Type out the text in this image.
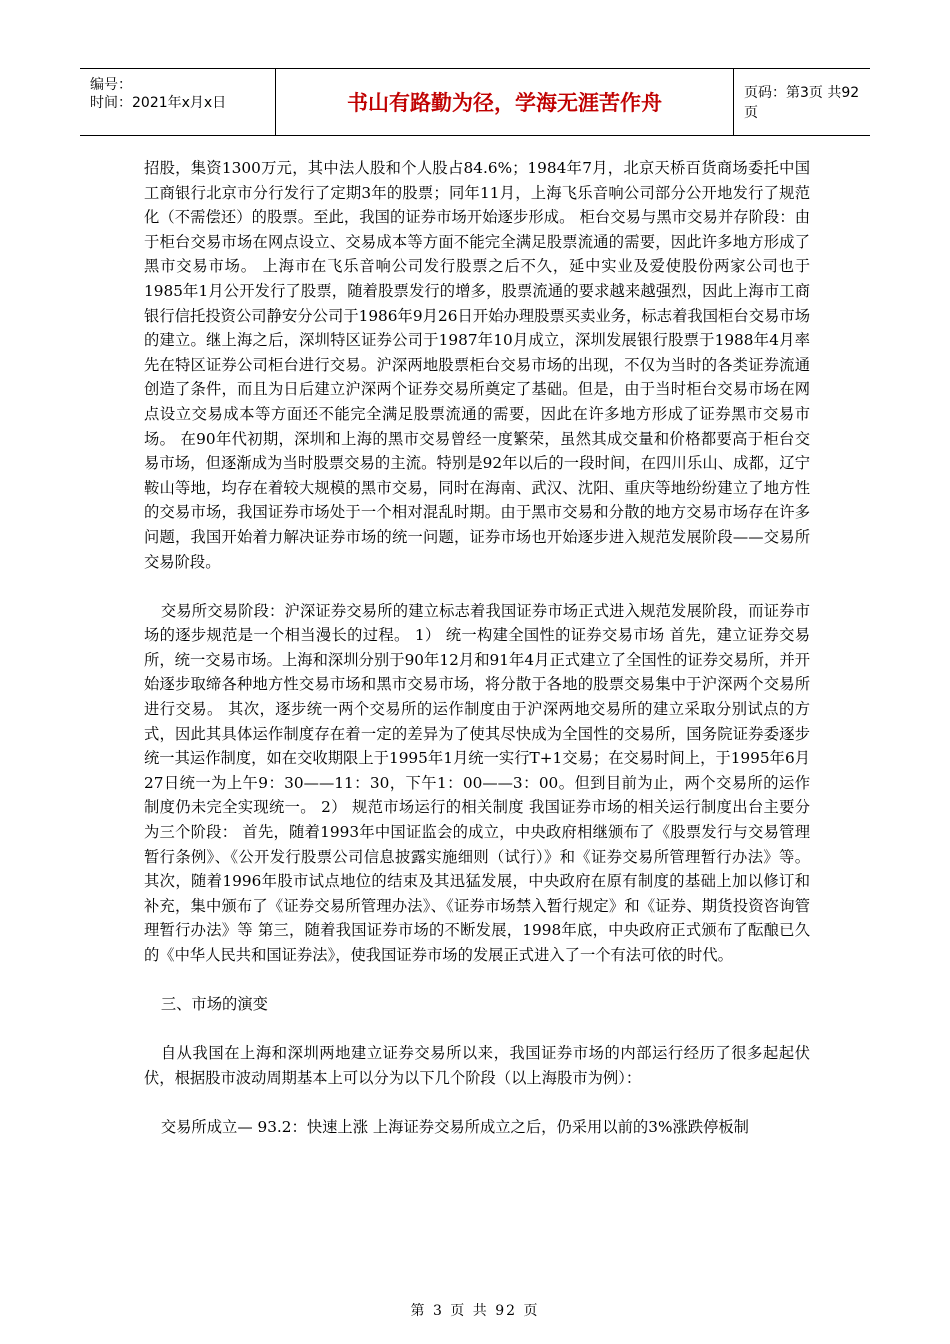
编号：
时间：2021年x月x日	书山有路勤为径，学海无涯苦作舟	页码：第3页 共92页

招股，集资1300万元，其中法人股和个人股占84.6%；1984年7月，北京天桥百货商场委托中国工商银行北京市分行发行了定期3年的股票；同年11月，上海飞乐音响公司部分公开地发行了规范化（不需偿还）的股票。至此，我国的证券市场开始逐步形成。 柜台交易与黑市交易并存阶段：由于柜台交易市场在网点设立、交易成本等方面不能完全满足股票流通的需要，因此许多地方形成了黑市交易市场。 上海市在飞乐音响公司发行股票之后不久，延中实业及爱使股份两家公司也于1985年1月公开发行了股票，随着股票发行的增多，股票流通的要求越来越强烈，因此上海市工商银行信托投资公司静安分公司于1986年9月26日开始办理股票买卖业务，标志着我国柜台交易市场的建立。继上海之后，深圳特区证券公司于1987年10月成立，深圳发展银行股票于1988年4月率先在特区证券公司柜台进行交易。沪深两地股票柜台交易市场的出现，不仅为当时的各类证券流通创造了条件，而且为日后建立沪深两个证券交易所奠定了基础。但是，由于当时柜台交易市场在网点设立交易成本等方面还不能完全满足股票流通的需要，因此在许多地方形成了证券黑市交易市场。 在90年代初期，深圳和上海的黑市交易曾经一度繁荣，虽然其成交量和价格都要高于柜台交易市场，但逐渐成为当时股票交易的主流。特别是92年以后的一段时间，在四川乐山、成都，辽宁鞍山等地，均存在着较大规模的黑市交易，同时在海南、武汉、沈阳、重庆等地纷纷建立了地方性的交易市场，我国证券市场处于一个相对混乱时期。由于黑市交易和分散的地方交易市场存在许多问题，我国开始着力解决证券市场的统一问题，证券市场也开始逐步进入规范发展阶段——交易所交易阶段。

交易所交易阶段：沪深证券交易所的建立标志着我国证券市场正式进入规范发展阶段，而证券市场的逐步规范是一个相当漫长的过程。 1） 统一构建全国性的证券交易市场 首先，建立证券交易所，统一交易市场。上海和深圳分别于90年12月和91年4月正式建立了全国性的证券交易所，并开始逐步取缔各种地方性交易市场和黑市交易市场，将分散于各地的股票交易集中于沪深两个交易所进行交易。 其次，逐步统一两个交易所的运作制度由于沪深两地交易所的建立采取分别试点的方式，因此其具体运作制度存在着一定的差异为了使其尽快成为全国性的交易所，国务院证券委逐步统一其运作制度，如在交收期限上于1995年1月统一实行T+1交易；在交易时间上，于1995年6月27日统一为上午9：30——11：30，下午1：00——3：00。但到目前为止，两个交易所的运作制度仍未完全实现统一。 2） 规范市场运行的相关制度 我国证券市场的相关运行制度出台主要分为三个阶段： 首先，随着1993年中国证监会的成立，中央政府相继颁布了《股票发行与交易管理暂行条例》、《公开发行股票公司信息披露实施细则（试行）》和《证券交易所管理暂行办法》等。 其次，随着1996年股市试点地位的结束及其迅猛发展，中央政府在原有制度的基础上加以修订和补充，集中颁布了《证券交易所管理办法》、《证券市场禁入暂行规定》和《证券、期货投资咨询管理暂行办法》等 第三，随着我国证券市场的不断发展，1998年底，中央政府正式颁布了酝酿已久的《中华人民共和国证券法》，使我国证券市场的发展正式进入了一个有法可依的时代。

三、市场的演变

自从我国在上海和深圳两地建立证券交易所以来，我国证券市场的内部运行经历了很多起起伏伏，根据股市波动周期基本上可以分为以下几个阶段（以上海股市为例）：

交易所成立— 93.2：快速上涨 上海证券交易所成立之后，仍采用以前的3%涨跌停板制

第 3 页 共 92 页
